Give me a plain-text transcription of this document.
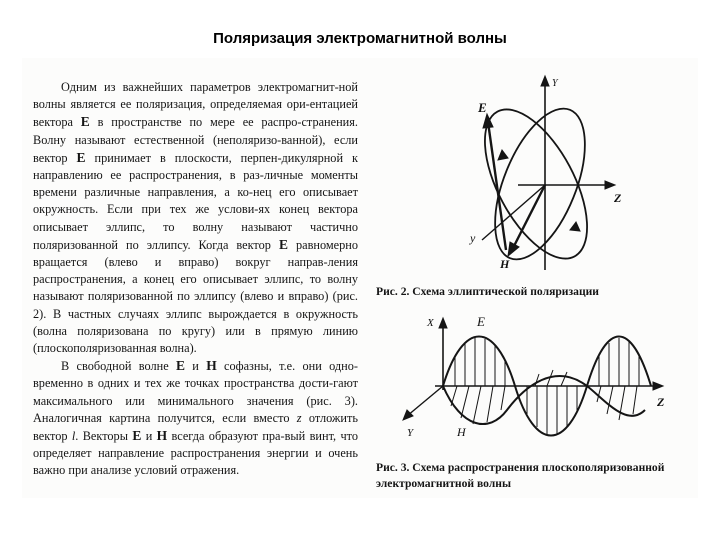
Поляризация электромагнитной волны

Одним из важнейших параметров электромагнит-ной волны является ее поляризация, определяемая ори-ентацией вектора E в пространстве по мере ее распро-странения. Волну называют естественной (неполяризо-ванной), если вектор E принимает в плоскости, перпен-дикулярной к направлению ее распространения, в раз-личные моменты времени различные направления, а ко-нец его описывает окружность. Если при тех же услови-ях конец вектора описывает эллипс, то волну называют частично поляризованной по эллипсу. Когда вектор E равномерно вращается (влево и вправо) вокруг направ-ления распространения, а конец его описывает эллипс, то волну называют поляризованной по эллипсу (влево и вправо) (рис. 2). В частных случаях эллипс вырождается в окружность (волна поляризована по кругу) или в прямую линию (плоскополяризованная волна).

В свободной волне E и H софазны, т.е. они одно-временно в одних и тех же точках пространства дости-гают максимального или минимального значения (рис. 3). Аналогичная картина получится, если вместо z отложить вектор l. Векторы E и H всегда образуют пра-вый винт, что определяет направление распространения энергии и очень важно при анализе условий отражения.

Y
E
Z
y
H
Рис. 2. Схема эллиптической поляризации
X	E
Z
Y	H
Рис. 3. Схема распространения плоскополяризованной электромагнитной волны
